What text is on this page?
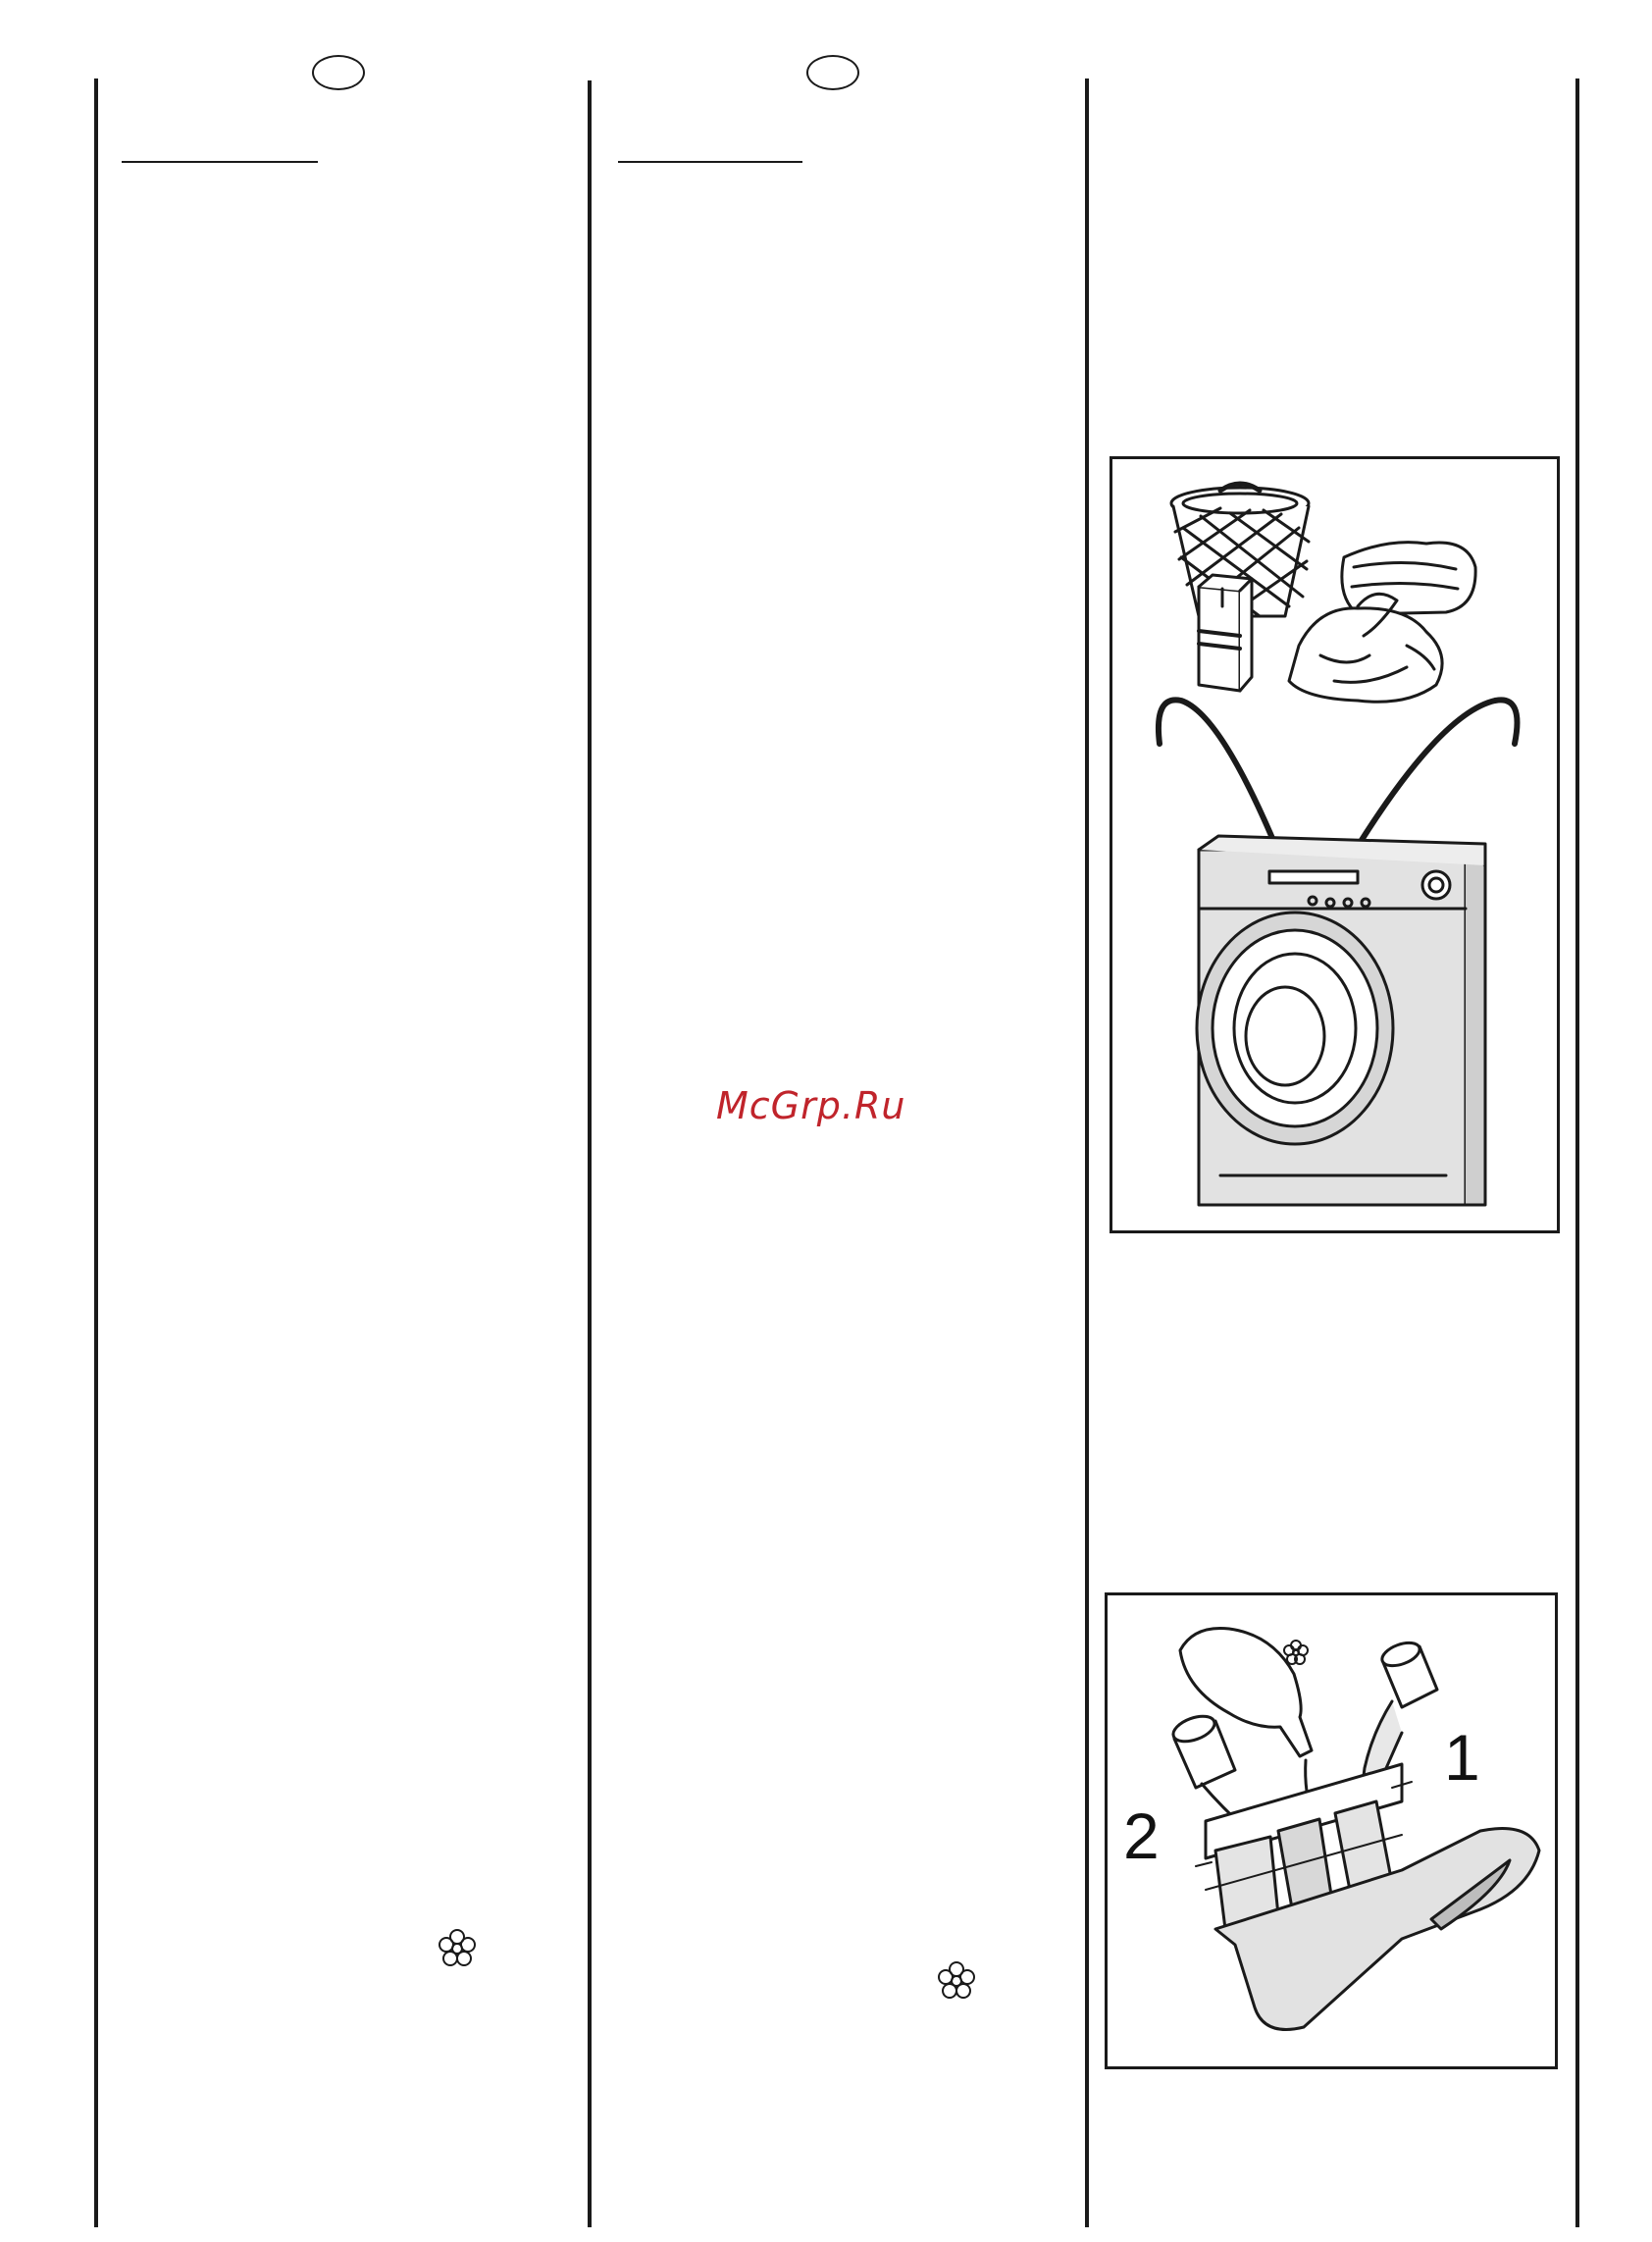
McGrp.Ru
1
2
